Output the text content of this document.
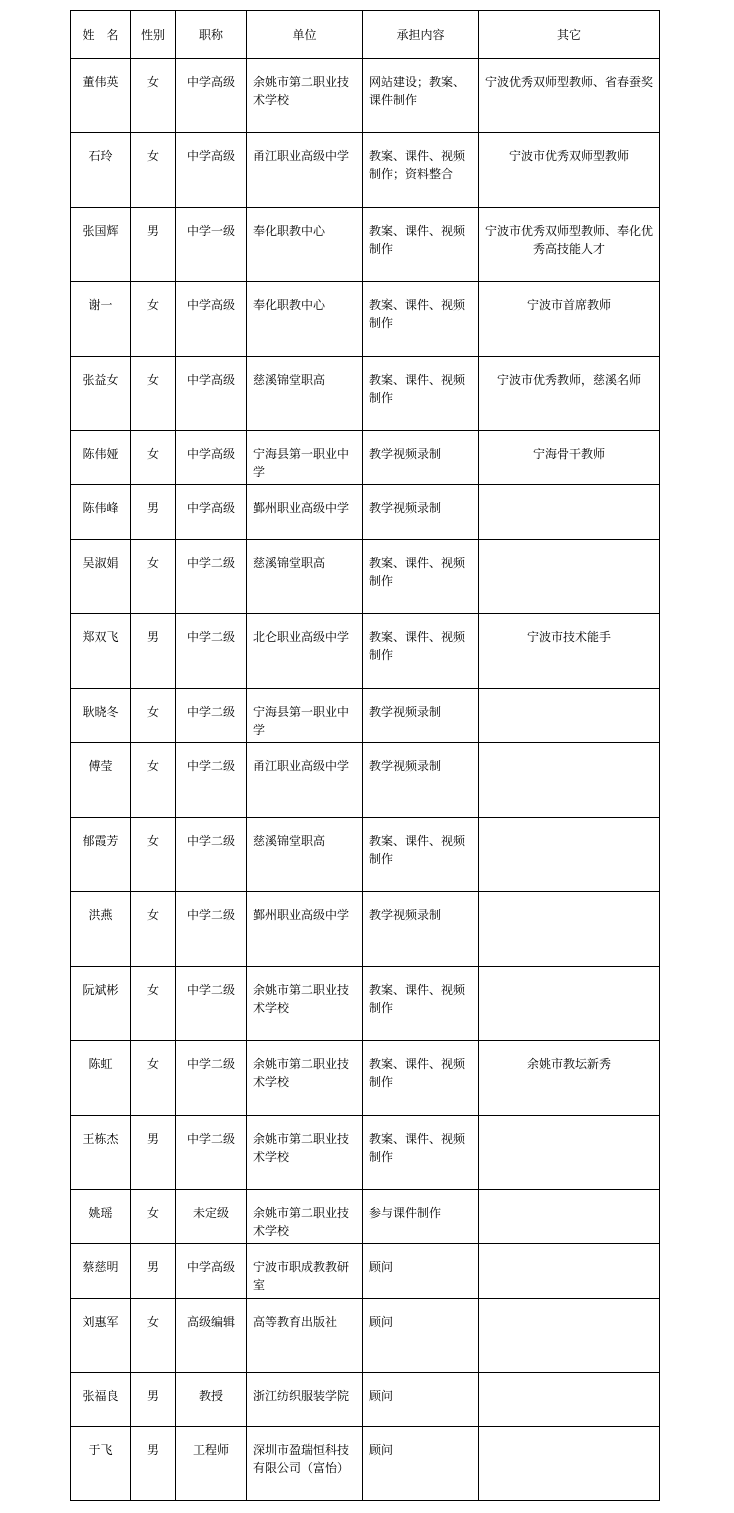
姓　名	性别	职称	单位	承担内容	其它
董伟英	女	中学高级	余姚市第二职业技术学校	网站建设；教案、课件制作	宁波优秀双师型教师、省春蚕奖
石玲	女	中学高级	甬江职业高级中学	教案、课件、视频制作；资料整合	宁波市优秀双师型教师
张国辉	男	中学一级	奉化职教中心	教案、课件、视频制作	宁波市优秀双师型教师、奉化优秀高技能人才
谢一	女	中学高级	奉化职教中心	教案、课件、视频制作	宁波市首席教师
张益女	女	中学高级	慈溪锦堂职高	教案、课件、视频制作	宁波市优秀教师，慈溪名师
陈伟娅	女	中学高级	宁海县第一职业中学	教学视频录制	宁海骨干教师
陈伟峰	男	中学高级	鄞州职业高级中学	教学视频录制	
吴淑娟	女	中学二级	慈溪锦堂职高	教案、课件、视频制作	
郑双飞	男	中学二级	北仑职业高级中学	教案、课件、视频制作	宁波市技术能手
耿晓冬	女	中学二级	宁海县第一职业中学	教学视频录制	
傅莹	女	中学二级	甬江职业高级中学	教学视频录制	
郁霞芳	女	中学二级	慈溪锦堂职高	教案、课件、视频制作	
洪燕	女	中学二级	鄞州职业高级中学	教学视频录制	
阮斌彬	女	中学二级	余姚市第二职业技术学校	教案、课件、视频制作	
陈虹	女	中学二级	余姚市第二职业技术学校	教案、课件、视频制作	余姚市教坛新秀
王栋杰	男	中学二级	余姚市第二职业技术学校	教案、课件、视频制作	
姚瑶	女	未定级	余姚市第二职业技术学校	参与课件制作	
蔡慈明	男	中学高级	宁波市职成教教研室	顾问	
刘惠军	女	高级编辑	高等教育出版社	顾问	
张福良	男	教授	浙江纺织服装学院	顾问	
于飞	男	工程师	深圳市盈瑞恒科技有限公司（富怡）	顾问	
